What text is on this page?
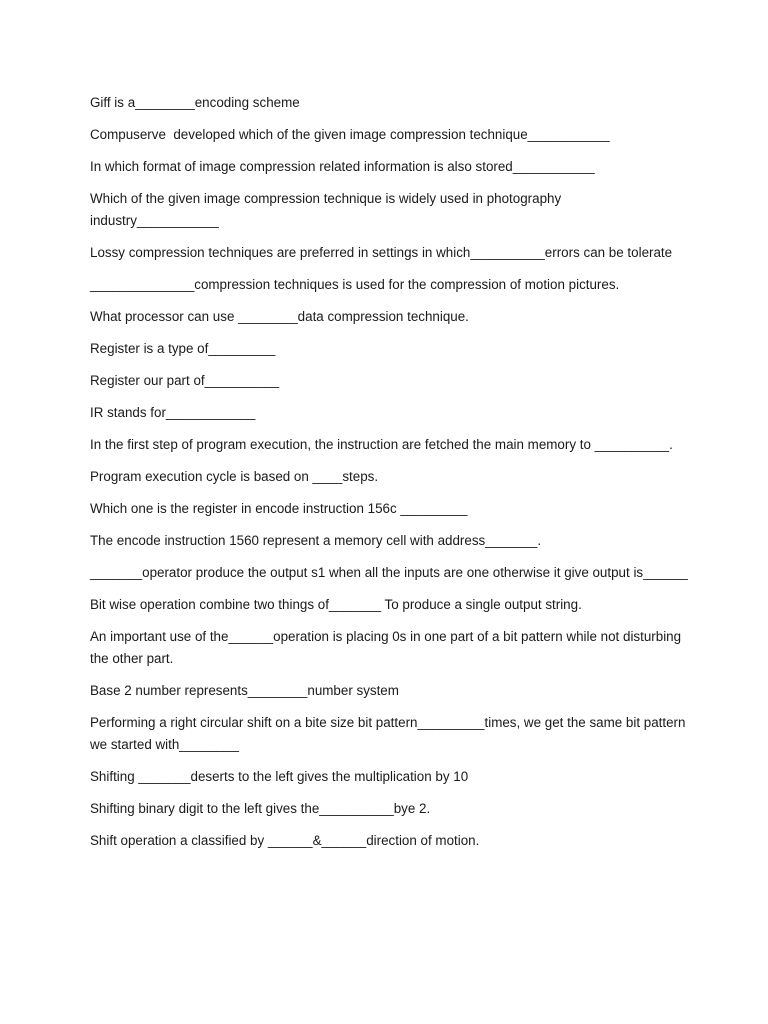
Giff is a________encoding scheme

Compuserve  developed which of the given image compression technique___________

In which format of image compression related information is also stored___________

Which of the given image compression technique is widely used in photography industry___________

Lossy compression techniques are preferred in settings in which__________errors can be tolerate

______________compression techniques is used for the compression of motion pictures.

What processor can use ________data compression technique.

Register is a type of_________

Register our part of__________

IR stands for____________

In the first step of program execution, the instruction are fetched the main memory to __________.

Program execution cycle is based on ____steps.

Which one is the register in encode instruction 156c _________

The encode instruction 1560 represent a memory cell with address_______.

_______operator produce the output s1 when all the inputs are one otherwise it give output is______

Bit wise operation combine two things of_______ To produce a single output string.

An important use of the______operation is placing 0s in one part of a bit pattern while not disturbing the other part.

Base 2 number represents________number system

Performing a right circular shift on a bite size bit pattern_________times, we get the same bit pattern we started with________

Shifting _______deserts to the left gives the multiplication by 10

Shifting binary digit to the left gives the__________bye 2.

Shift operation a classified by ______&______direction of motion.
